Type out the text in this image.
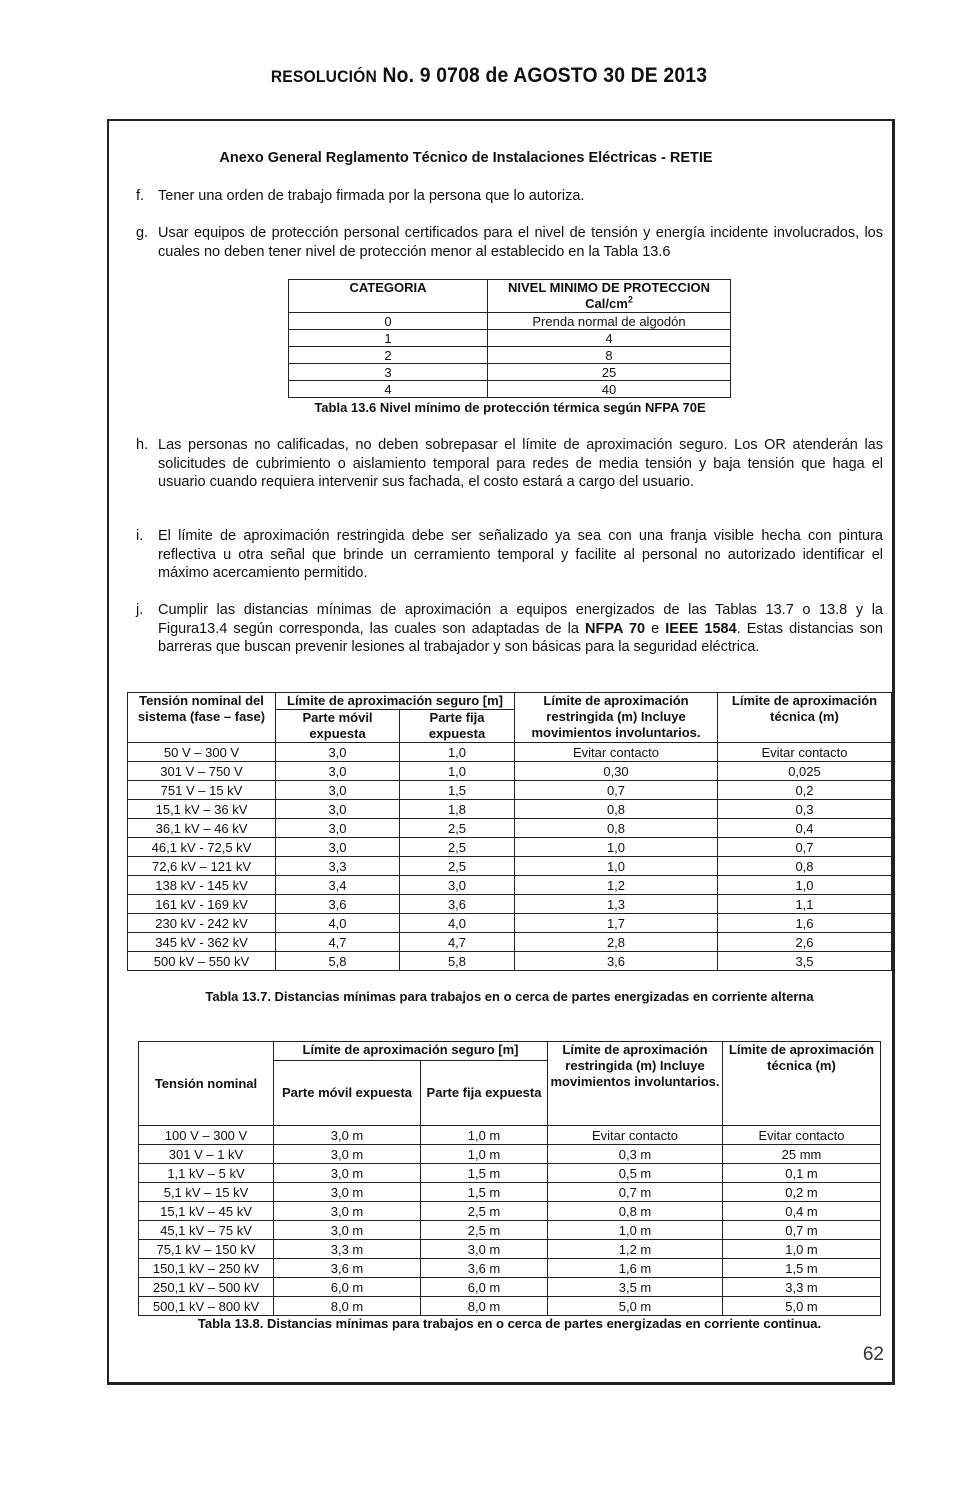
RESOLUCIÓN No. 9 0708 de AGOSTO 30 DE 2013
Anexo General Reglamento Técnico de Instalaciones Eléctricas - RETIE
f. Tener una orden de trabajo firmada por la persona que lo autoriza.
g. Usar equipos de protección personal certificados para el nivel de tensión y energía incidente involucrados, los cuales no deben tener nivel de protección menor al establecido en la Tabla 13.6
CATEGORIA	NIVEL MINIMO DE PROTECCION
Cal/$cm^2$

0	Prenda normal de algodón
1	4
2	8
3	25
4	40
Tabla 13.6 Nivel mínimo de protección térmica según NFPA 70E
h. Las personas no calificadas, no deben sobrepasar el límite de aproximación seguro. Los OR atenderán las solicitudes de cubrimiento o aislamiento temporal para redes de media tensión y baja tensión que haga el usuario cuando requiera intervenir sus fachada, el costo estará a cargo del usuario.
i. El límite de aproximación restringida debe ser señalizado ya sea con una franja visible hecha con pintura reflectiva u otra señal que brinde un cerramiento temporal y facilite al personal no autorizado identificar el máximo acercamiento permitido.
j. Cumplir las distancias mínimas de aproximación a equipos energizados de las Tablas 13.7 o 13.8 y la Figura13.4 según corresponda, las cuales son adaptadas de la NFPA 70 e IEEE 1584. Estas distancias son barreras que buscan prevenir lesiones al trabajador y son básicas para la seguridad eléctrica.
Tensión nominal del sistema (fase – fase)	Límite de aproximación seguro [m]		Límite de aproximación restringida (m) Incluye movimientos involuntarios.	Límite de aproximación técnica (m)
	Parte móvil expuesta	Parte fija expuesta		
50 V – 300 V	3,0	1,0	Evitar contacto	Evitar contacto
301 V – 750 V	3,0	1,0	0,30	0,025
751 V – 15 kV	3,0	1,5	0,7	0,2
15,1 kV – 36 kV	3,0	1,8	0,8	0,3
36,1 kV – 46 kV	3,0	2,5	0,8	0,4
46,1 kV - 72,5 kV	3,0	2,5	1,0	0,7
72,6 kV – 121 kV	3,3	2,5	1,0	0,8
138 kV - 145 kV	3,4	3,0	1,2	1,0
161 kV - 169 kV	3,6	3,6	1,3	1,1
230 kV - 242 kV	4,0	4,0	1,7	1,6
345 kV - 362 kV	4,7	4,7	2,8	2,6
500 kV – 550 kV	5,8	5,8	3,6	3,5
Tabla 13.7. Distancias mínimas para trabajos en o cerca de partes energizadas en corriente alterna
Tensión nominal	Límite de aproximación seguro [m]		Límite de aproximación restringida (m) Incluye movimientos involuntarios.	Límite de aproximación técnica (m)
	Parte móvil expuesta	Parte fija expuesta		
100 V – 300 V	3,0 m	1,0 m	Evitar contacto	Evitar contacto
301 V – 1 kV	3,0 m	1,0 m	0,3 m	25 mm
1,1 kV – 5 kV	3,0 m	1,5 m	0,5 m	0,1 m
5,1 kV – 15 kV	3,0 m	1,5 m	0,7 m	0,2 m
15,1 kV – 45 kV	3,0 m	2,5 m	0,8 m	0,4 m
45,1 kV – 75 kV	3,0 m	2,5 m	1,0 m	0,7 m
75,1 kV – 150 kV	3,3 m	3,0 m	1,2 m	1,0 m
150,1 kV – 250 kV	3,6 m	3,6 m	1,6 m	1,5 m
250,1 kV – 500 kV	6,0 m	6,0 m	3,5 m	3,3 m
500,1 kV – 800 kV	8,0 m	8,0 m	5,0 m	5,0 m
Tabla 13.8. Distancias mínimas para trabajos en o cerca de partes energizadas en corriente continua.
62
